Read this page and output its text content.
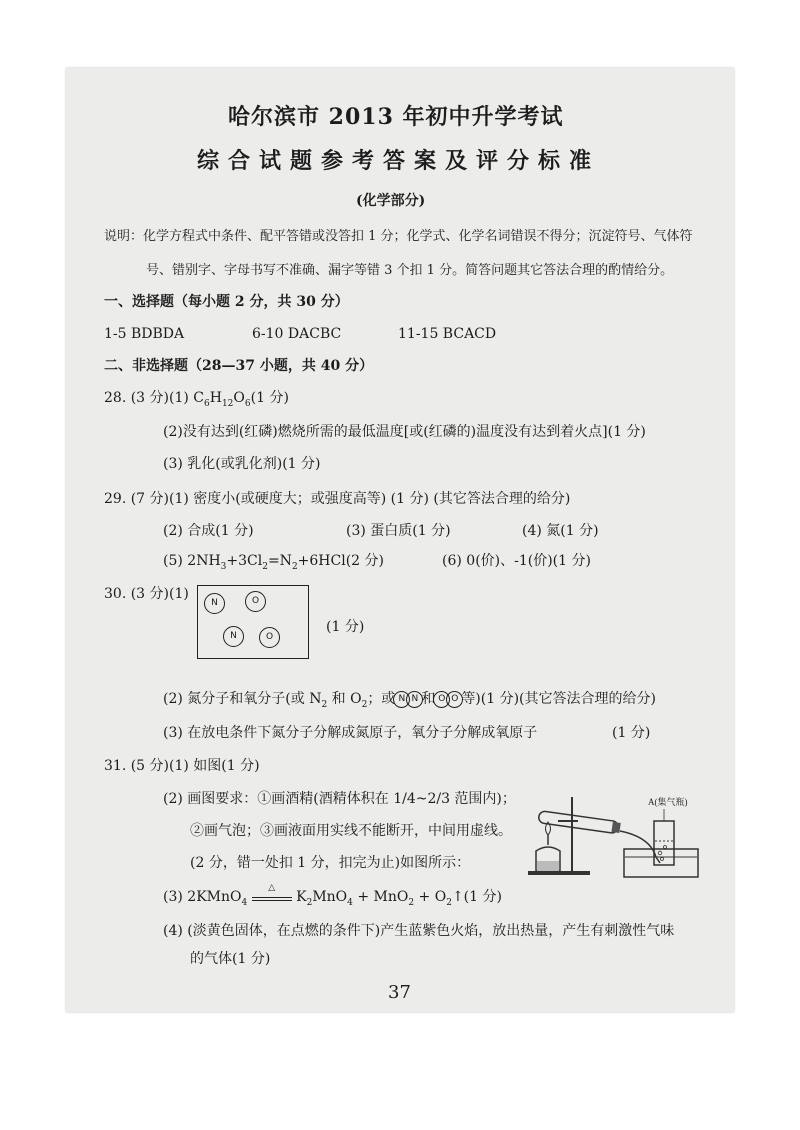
哈尔滨市 2013 年初中升学考试
综合试题参考答案及评分标准
(化学部分)
说明：化学方程式中条件、配平答错或没答扣 1 分；化学式、化学名词错误不得分；沉淀符号、气体符
号、错别字、字母书写不准确、漏字等错 3 个扣 1 分。简答问题其它答法合理的酌情给分。
一、选择题（每小题 2 分，共 30 分）
1-5 BDBDA	6-10 DACBC	11-15 BCACD
二、非选择题（28—37 小题，共 40 分）
28. (3 分)(1) $C_6H_{12}O_6(1$ 分)
(2)没有达到(红磷)燃烧所需的最低温度[或(红磷的)温度没有达到着火点](1 分)
(3) 乳化(或乳化剂)(1 分)
29. (7 分)(1) 密度小(或硬度大；或强度高等) (1 分) (其它答法合理的给分)
(2) 合成(1 分)	(3) 蛋白质(1 分)	(4) 氮(1 分)
(5) $2NH_3+3Cl_2=N_2+6HCl(2$ 分)	(6) 0(价)、-1(价)(1 分)
30. (3 分)(1)
N	O
N	O
(1 分)
(2) 氮分子和氧分子(或 $N_2$ 和 $O_2$；或 N N 和 O O 等)(1 分)(其它答法合理的给分)
(3) 在放电条件下氮分子分解成氮原子，氧分子分解成氧原子	(1 分)
31. (5 分)(1) 如图(1 分)
(2) 画图要求：①画酒精(酒精体积在 1/4~2/3 范围内)；
②画气泡；③画液面用实线不能断开，中间用虚线。
(2 分，错一处扣 1 分，扣完为止)如图所示：
A(集气瓶)
(3) 2KMnO$_4$
△
$K_2MnO_4 + MnO_2$ + $O_2↑(1$ 分)
(4) (淡黄色固体，在点燃的条件下)产生蓝紫色火焰，放出热量，产生有刺激性气味
的气体(1 分)
37
